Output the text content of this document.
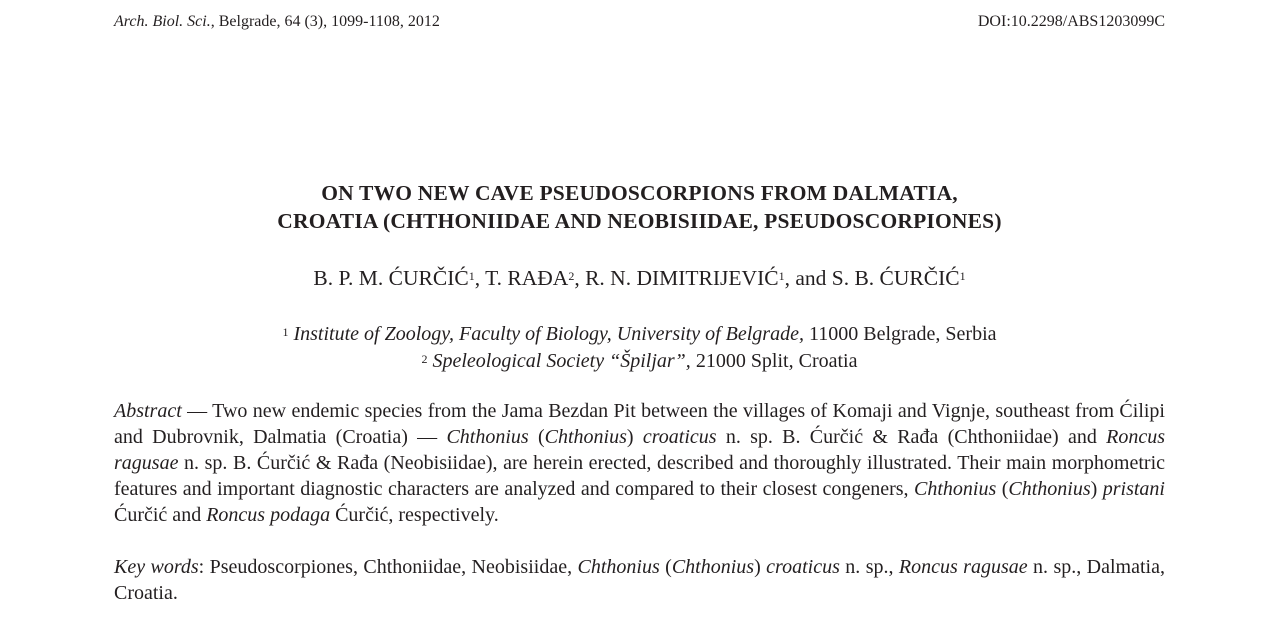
Arch. Biol. Sci., Belgrade, 64 (3), 1099-1108, 2012	DOI:10.2298/ABS1203099C
ON TWO NEW CAVE PSEUDOSCORPIONS FROM DALMATIA,
CROATIA (CHTHONIIDAE AND NEOBISIIDAE, PSEUDOSCORPIONES)
B. P. M. ĆURČIĆ$^1$, T. RAĐA$^2$, R. N. DIMITRIJEVIĆ$^1$, and S. B. ĆURČIĆ$^1$
$^1$ Institute of Zoology, Faculty of Biology, University of Belgrade, 11000 Belgrade, Serbia
$^2$ Speleological Society “Špiljar”, 21000 Split, Croatia
Abstract — Two new endemic species from the Jama Bezdan Pit between the villages of Komaji and Vignje, southeast from Ćilipi and Dubrovnik, Dalmatia (Croatia) — Chthonius (Chthonius) croaticus n. sp. B. Ćurčić & Rađa (Chthoniidae) and Roncus ragusae n. sp. B. Ćurčić & Rađa (Neobisiidae), are herein erected, described and thoroughly illustrated. Their main morphometric features and important diagnostic characters are analyzed and compared to their closest congeners, Chthonius (Chthonius) pristani Ćurčić and Roncus podaga Ćurčić, respectively.
Key words: Pseudoscorpiones, Chthoniidae, Neobisiidae, Chthonius (Chthonius) croaticus n. sp., Roncus ragusae n. sp., Dalmatia, Croatia.
